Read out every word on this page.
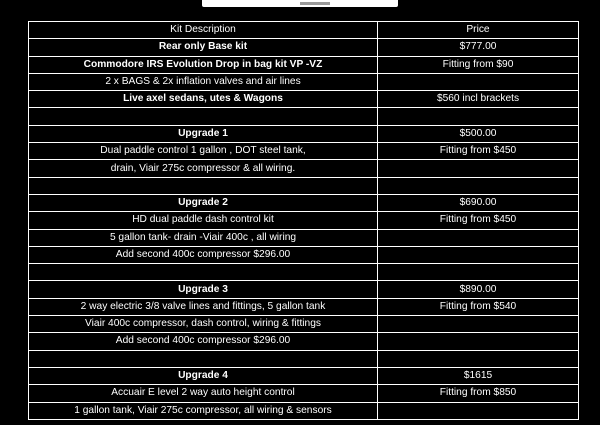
Kit Description	Price
Rear only Base kit	$777.00
Commodore IRS Evolution Drop in bag kit VP -VZ	Fitting from $90
2 x BAGS & 2x inflation valves and air lines	
Live axel sedans, utes & Wagons	$560 incl brackets

Upgrade 1	$500.00
Dual paddle control 1 gallon , DOT steel tank,	Fitting from $450
drain, Viair 275c compressor & all wiring.	

Upgrade 2	$690.00
HD dual paddle dash control kit	Fitting from $450
5 gallon tank- drain -Viair 400c , all wiring	
Add second 400c compressor $296.00	

Upgrade 3	$890.00
2 way electric 3/8 valve lines and fittings, 5 gallon tank	Fitting from $540
Viair 400c compressor, dash control, wiring & fittings	
Add second 400c compressor $296.00	

Upgrade 4	$1615
Accuair E level 2 way auto height control	Fitting from $850
1 gallon tank, Viair 275c compressor, all wiring & sensors	
